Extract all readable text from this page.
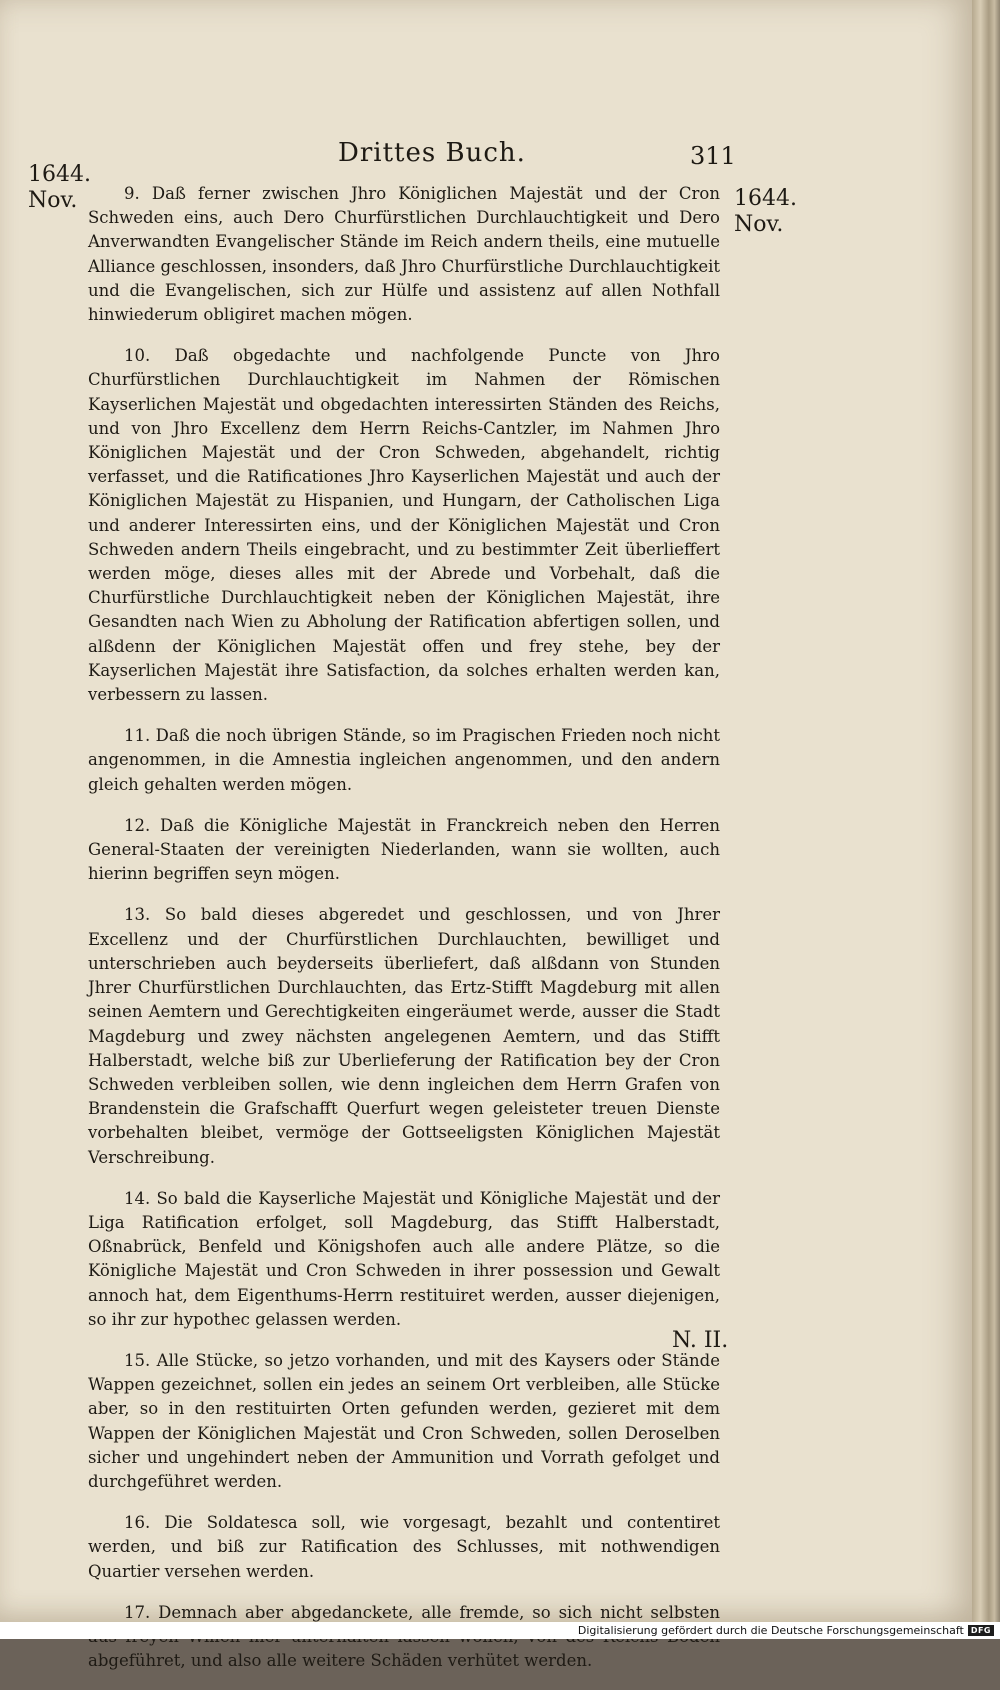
Drittes Buch.	311
1644.
Nov.	1644.
Nov.

9. Daß ferner zwischen Jhro Königlichen Majestät und der Cron Schweden eins, auch Dero Churfürstlichen Durchlauchtigkeit und Dero Anverwandten Evangelischer Stände im Reich andern theils, eine mutuelle Alliance geschlossen, insonders, daß Jhro Churfürstliche Durchlauchtigkeit und die Evangelischen, sich zur Hülfe und assistenz auf allen Nothfall hinwiederum obligiret machen mögen.

10. Daß obgedachte und nachfolgende Puncte von Jhro Churfürstlichen Durchlauchtigkeit im Nahmen der Römischen Kayserlichen Majestät und obgedachten interessirten Ständen des Reichs, und von Jhro Excellenz dem Herrn Reichs-Cantzler, im Nahmen Jhro Königlichen Majestät und der Cron Schweden, abgehandelt, richtig verfasset, und die Ratificationes Jhro Kayserlichen Majestät und auch der Königlichen Majestät zu Hispanien, und Hungarn, der Catholischen Liga und anderer Interessirten eins, und der Königlichen Majestät und Cron Schweden andern Theils eingebracht, und zu bestimmter Zeit überlieffert werden möge, dieses alles mit der Abrede und Vorbehalt, daß die Churfürstliche Durchlauchtigkeit neben der Königlichen Majestät, ihre Gesandten nach Wien zu Abholung der Ratification abfertigen sollen, und alßdenn der Königlichen Majestät offen und frey stehe, bey der Kayserlichen Majestät ihre Satisfaction, da solches erhalten werden kan, verbessern zu lassen.

11. Daß die noch übrigen Stände, so im Pragischen Frieden noch nicht angenommen, in die Amnestia ingleichen angenommen, und den andern gleich gehalten werden mögen.

12. Daß die Königliche Majestät in Franckreich neben den Herren General-Staaten der vereinigten Niederlanden, wann sie wollten, auch hierinn begriffen seyn mögen.

13. So bald dieses abgeredet und geschlossen, und von Jhrer Excellenz und der Churfürstlichen Durchlauchten, bewilliget und unterschrieben auch beyderseits überliefert, daß alßdann von Stunden Jhrer Churfürstlichen Durchlauchten, das Ertz-Stifft Magdeburg mit allen seinen Aemtern und Gerechtigkeiten eingeräumet werde, ausser die Stadt Magdeburg und zwey nächsten angelegenen Aemtern, und das Stifft Halberstadt, welche biß zur Uberlieferung der Ratification bey der Cron Schweden verbleiben sollen, wie denn ingleichen dem Herrn Grafen von Brandenstein die Grafschafft Querfurt wegen geleisteter treuen Dienste vorbehalten bleibet, vermöge der Gottseeligsten Königlichen Majestät Verschreibung.

14. So bald die Kayserliche Majestät und Königliche Majestät und der Liga Ratification erfolget, soll Magdeburg, das Stifft Halberstadt, Oßnabrück, Benfeld und Königshofen auch alle andere Plätze, so die Königliche Majestät und Cron Schweden in ihrer possession und Gewalt annoch hat, dem Eigenthums-Herrn restituiret werden, ausser diejenigen, so ihr zur hypothec gelassen werden.

15. Alle Stücke, so jetzo vorhanden, und mit des Kaysers oder Stände Wappen gezeichnet, sollen ein jedes an seinem Ort verbleiben, alle Stücke aber, so in den restituirten Orten gefunden werden, gezieret mit dem Wappen der Königlichen Majestät und Cron Schweden, sollen Deroselben sicher und ungehindert neben der Ammunition und Vorrath gefolget und durchgeführet werden.

16. Die Soldatesca soll, wie vorgesagt, bezahlt und contentiret werden, und biß zur Ratification des Schlusses, mit nothwendigen Quartier versehen werden.

17. Demnach aber abgedanckete, alle fremde, so sich nicht selbsten abgeführet, und also alle weitere Schäden verhütet werden.

N. II.
Digitalisierung gefördert durch die Deutsche Forschungsgemeinschaft DFG
